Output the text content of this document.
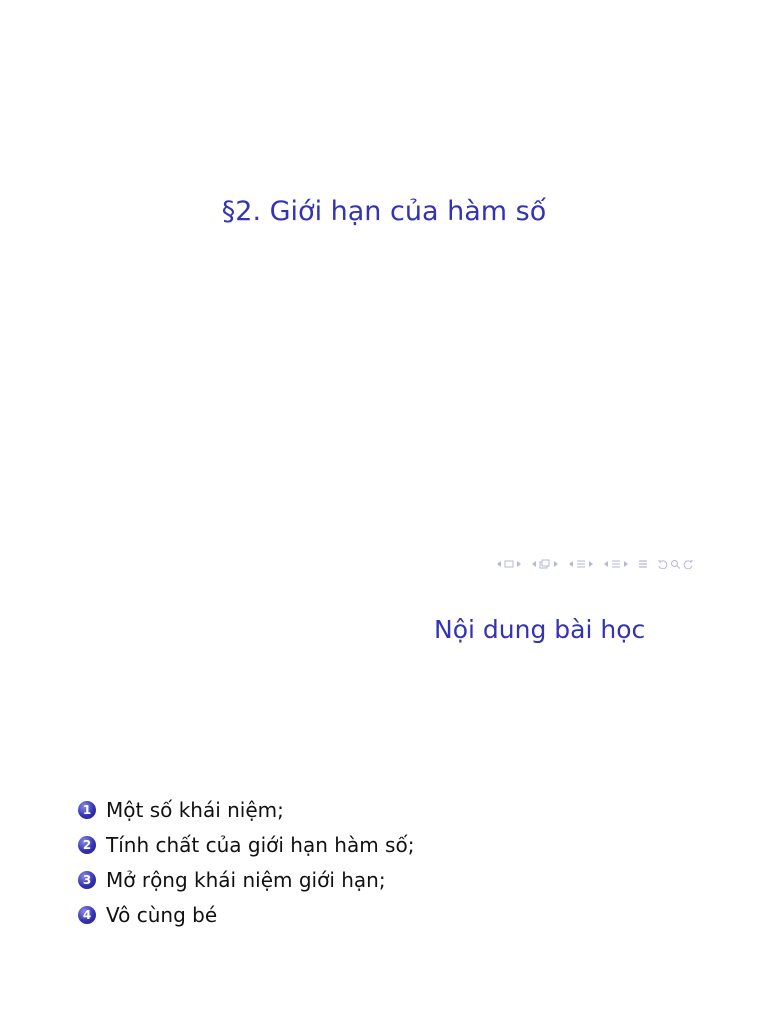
§2. Giới hạn của hàm số
Nội dung bài học
1 Một số khái niệm;
2 Tính chất của giới hạn hàm số;
3 Mở rộng khái niệm giới hạn;
4 Vô cùng bé
